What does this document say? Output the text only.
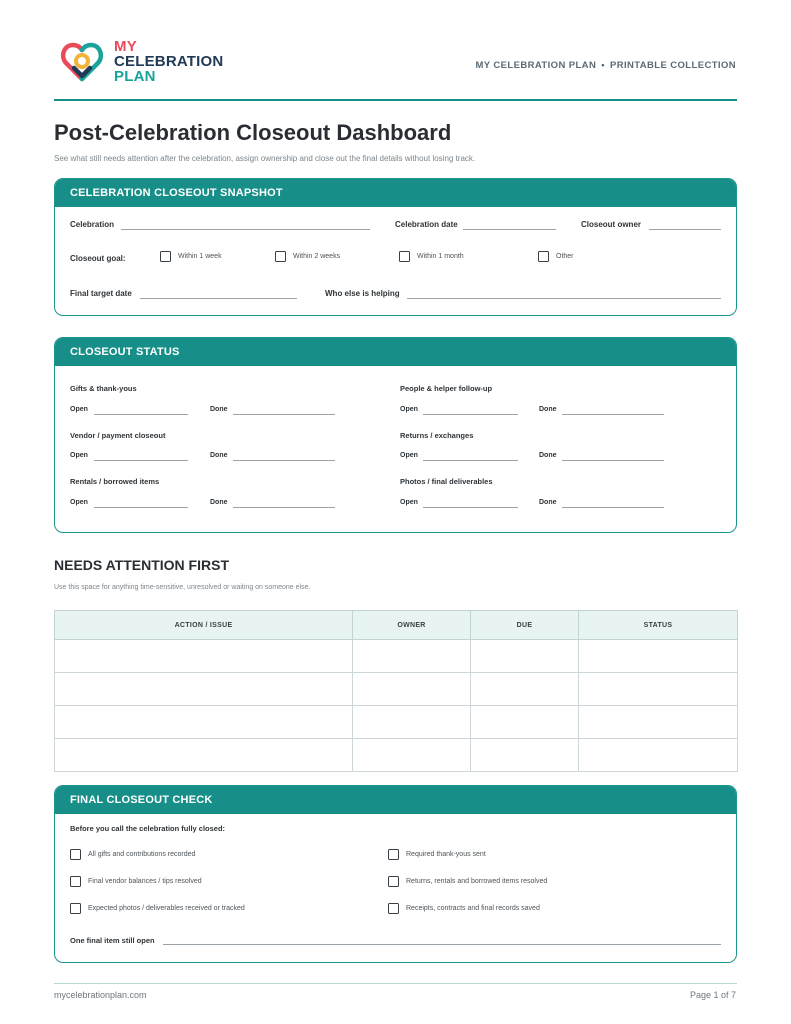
MY
CELEBRATION
PLAN
MY CELEBRATION PLAN • PRINTABLE COLLECTION
Post-Celebration Closeout Dashboard
See what still needs attention after the celebration, assign ownership and close out the final details without losing track.
CELEBRATION CLOSEOUT SNAPSHOT
Celebration	Celebration date	Closeout owner
Closeout goal:	Within 1 week	Within 2 weeks	Within 1 month	Other
Final target date	Who else is helping
CLOSEOUT STATUS
Gifts & thank-yous
Open	Done
People & helper follow-up
Open	Done
Vendor / payment closeout
Open	Done
Returns / exchanges
Open	Done
Rentals / borrowed items
Open	Done
Photos / final deliverables
Open	Done
NEEDS ATTENTION FIRST
Use this space for anything time-sensitive, unresolved or waiting on someone else.
ACTION / ISSUE	OWNER	DUE	STATUS

FINAL CLOSEOUT CHECK
Before you call the celebration fully closed:
All gifts and contributions recorded	Required thank-yous sent
Final vendor balances / tips resolved	Returns, rentals and borrowed items resolved
Expected photos / deliverables received or tracked	Receipts, contracts and final records saved
One final item still open
mycelebrationplan.com	Page 1 of 7
